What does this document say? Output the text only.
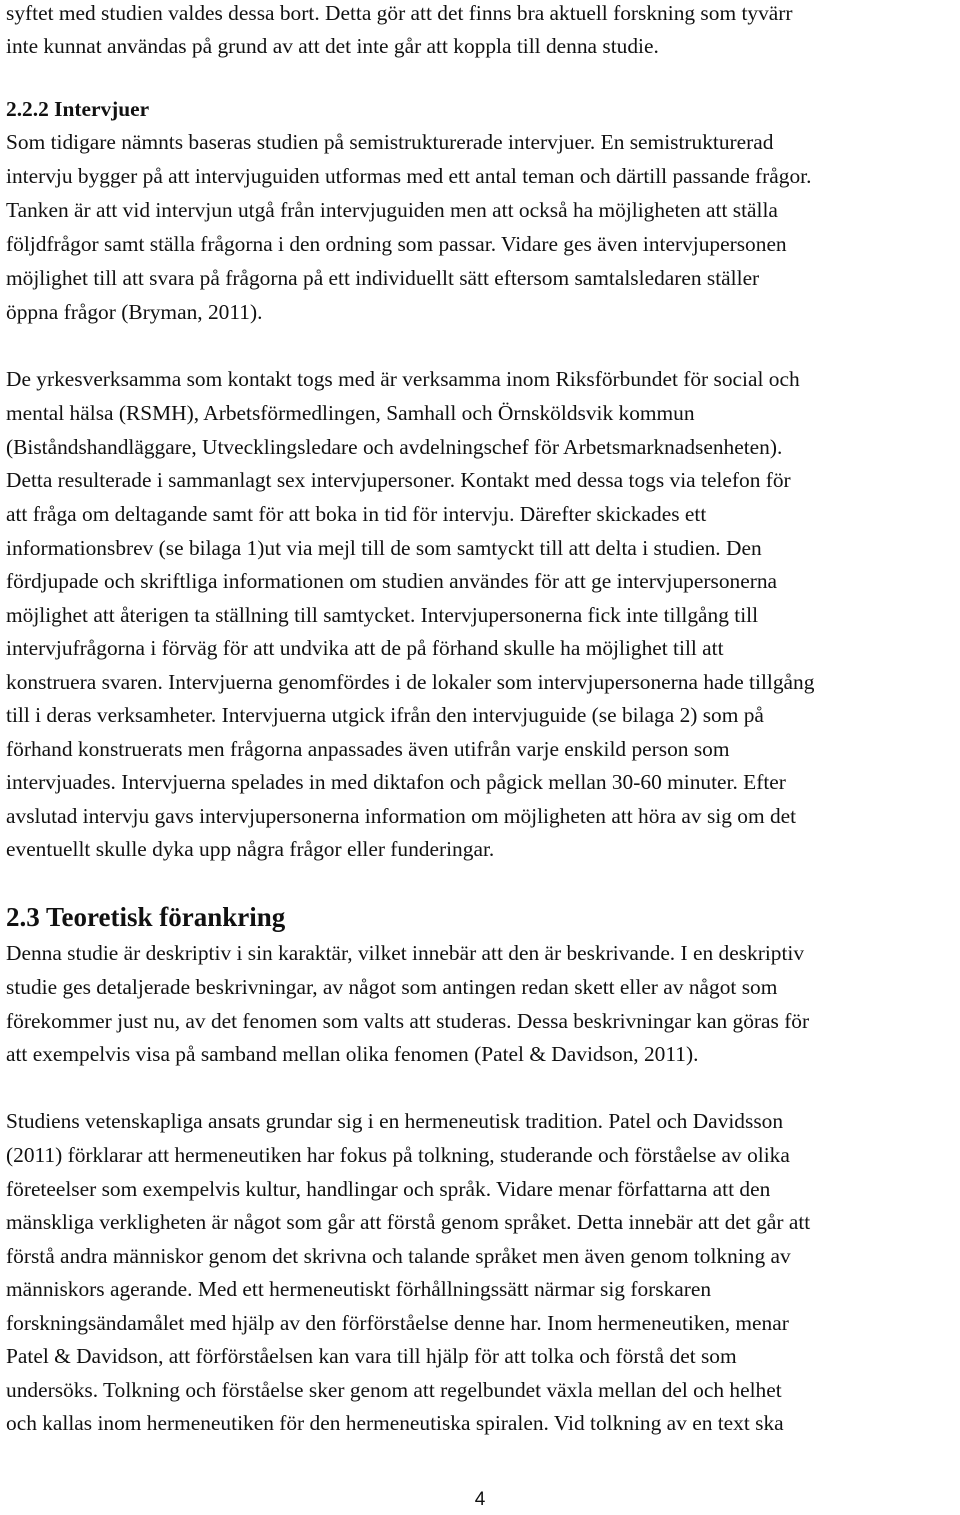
syftet med studien valdes dessa bort. Detta gör att det finns bra aktuell forskning som tyvärr
inte kunnat användas på grund av att det inte går att koppla till denna studie.
2.2.2 Intervjuer
Som tidigare nämnts baseras studien på semistrukturerade intervjuer. En semistrukturerad
intervju bygger på att intervjuguiden utformas med ett antal teman och därtill passande frågor.
Tanken är att vid intervjun utgå från intervjuguiden men att också ha möjligheten att ställa
följdfrågor samt ställa frågorna i den ordning som passar. Vidare ges även intervjupersonen
möjlighet till att svara på frågorna på ett individuellt sätt eftersom samtalsledaren ställer
öppna frågor (Bryman, 2011).
De yrkesverksamma som kontakt togs med är verksamma inom Riksförbundet för social och
mental hälsa (RSMH), Arbetsförmedlingen, Samhall och Örnsköldsvik kommun
(Biståndshandläggare, Utvecklingsledare och avdelningschef för Arbetsmarknadsenheten).
Detta resulterade i sammanlagt sex intervjupersoner. Kontakt med dessa togs via telefon för
att fråga om deltagande samt för att boka in tid för intervju. Därefter skickades ett
informationsbrev (se bilaga 1)ut via mejl till de som samtyckt till att delta i studien. Den
fördjupade och skriftliga informationen om studien användes för att ge intervjupersonerna
möjlighet att återigen ta ställning till samtycket. Intervjupersonerna fick inte tillgång till
intervjufrågorna i förväg för att undvika att de på förhand skulle ha möjlighet till att
konstruera svaren. Intervjuerna genomfördes i de lokaler som intervjupersonerna hade tillgång
till i deras verksamheter. Intervjuerna utgick ifrån den intervjuguide (se bilaga 2) som på
förhand konstruerats men frågorna anpassades även utifrån varje enskild person som
intervjuades. Intervjuerna spelades in med diktafon och pågick mellan 30-60 minuter. Efter
avslutad intervju gavs intervjupersonerna information om möjligheten att höra av sig om det
eventuellt skulle dyka upp några frågor eller funderingar.
2.3 Teoretisk förankring
Denna studie är deskriptiv i sin karaktär, vilket innebär att den är beskrivande. I en deskriptiv
studie ges detaljerade beskrivningar, av något som antingen redan skett eller av något som
förekommer just nu, av det fenomen som valts att studeras. Dessa beskrivningar kan göras för
att exempelvis visa på samband mellan olika fenomen (Patel & Davidson, 2011).
Studiens vetenskapliga ansats grundar sig i en hermeneutisk tradition. Patel och Davidsson
(2011) förklarar att hermeneutiken har fokus på tolkning, studerande och förståelse av olika
företeelser som exempelvis kultur, handlingar och språk. Vidare menar författarna att den
mänskliga verkligheten är något som går att förstå genom språket. Detta innebär att det går att
förstå andra människor genom det skrivna och talande språket men även genom tolkning av
människors agerande. Med ett hermeneutiskt förhållningssätt närmar sig forskaren
forskningsändamålet med hjälp av den förförståelse denne har. Inom hermeneutiken, menar
Patel & Davidson, att förförståelsen kan vara till hjälp för att tolka och förstå det som
undersöks. Tolkning och förståelse sker genom att regelbundet växla mellan del och helhet
och kallas inom hermeneutiken för den hermeneutiska spiralen. Vid tolkning av en text ska
4
